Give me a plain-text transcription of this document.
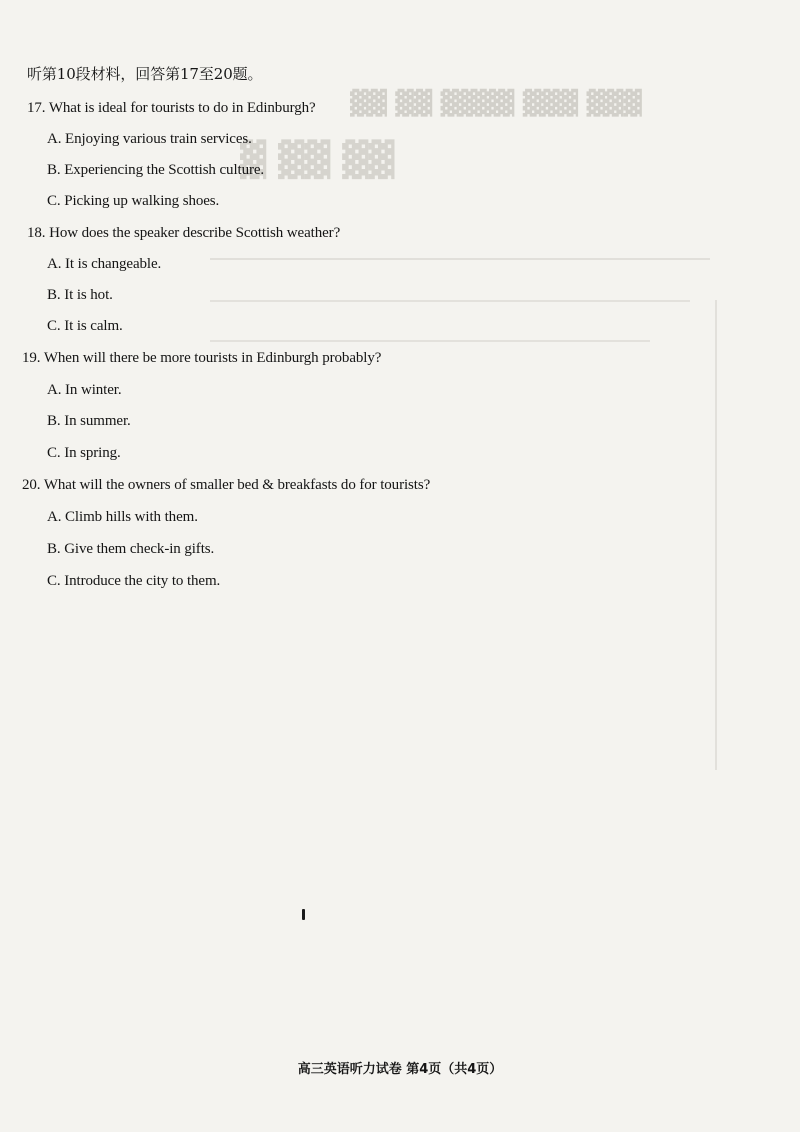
▓▓ ▓▓ ▓▓▓▓ ▓▓▓ ▓▓▓
▓ ▓▓ ▓▓
听第10段材料，回答第17至20题。
17. What is ideal for tourists to do in Edinburgh?
A. Enjoying various train services.
B. Experiencing the Scottish culture.
C. Picking up walking shoes.
18. How does the speaker describe Scottish weather?
A. It is changeable.
B. It is hot.
C. It is calm.
19. When will there be more tourists in Edinburgh probably?
A. In winter.
B. In summer.
C. In spring.
20. What will the owners of smaller bed & breakfasts do for tourists?
A. Climb hills with them.
B. Give them check-in gifts.
C. Introduce the city to them.
高三英语听力试卷 第4页（共4页）
